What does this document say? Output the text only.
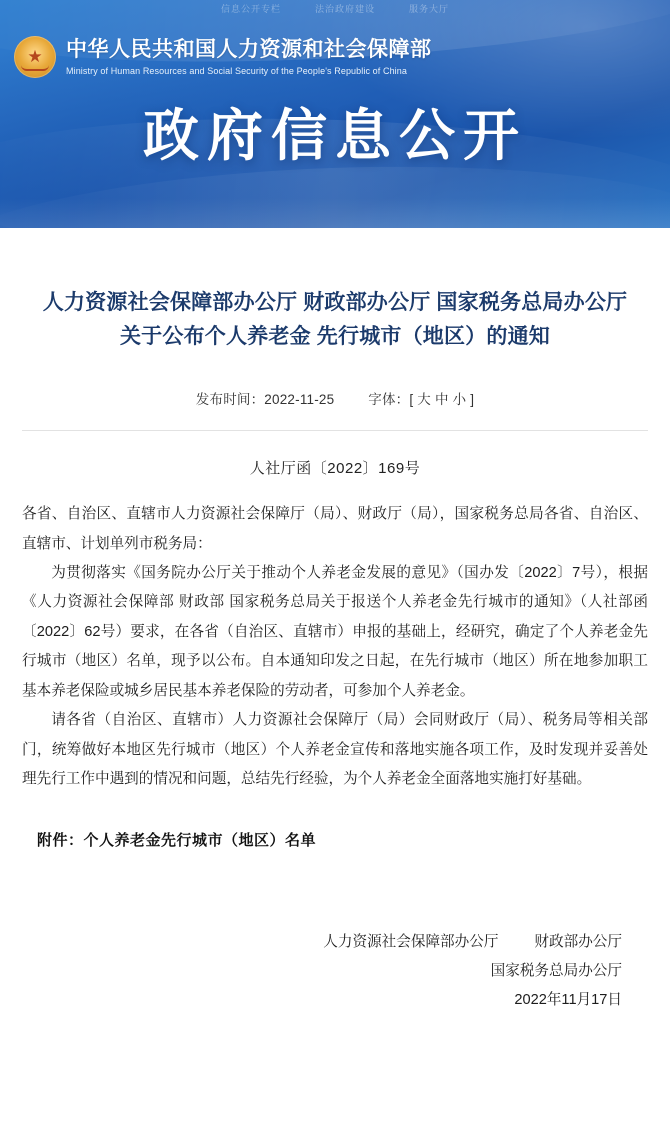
信息公开专栏	法治政府建设	服务大厅
★
中华人民共和国人力资源和社会保障部
Ministry of Human Resources and Social Security of the People's Republic of China
政府信息公开
人力资源社会保障部办公厅 财政部办公厅 国家税务总局办公厅关于公布个人养老金 先行城市（地区）的通知
发布时间：2022-11-25	字体：[ 大 中 小 ]
人社厅函〔2022〕169号

各省、自治区、直辖市人力资源社会保障厅（局）、财政厅（局），国家税务总局各省、自治区、直辖市、计划单列市税务局：

为贯彻落实《国务院办公厅关于推动个人养老金发展的意见》（国办发〔2022〕7号），根据《人力资源社会保障部 财政部 国家税务总局关于报送个人养老金先行城市的通知》（人社部函〔2022〕62号）要求，在各省（自治区、直辖市）申报的基础上，经研究，确定了个人养老金先行城市（地区）名单，现予以公布。自本通知印发之日起，在先行城市（地区）所在地参加职工基本养老保险或城乡居民基本养老保险的劳动者，可参加个人养老金。

请各省（自治区、直辖市）人力资源社会保障厅（局）会同财政厅（局）、税务局等相关部门，统筹做好本地区先行城市（地区）个人养老金宣传和落地实施各项工作，及时发现并妥善处理先行工作中遇到的情况和问题，总结先行经验，为个人养老金全面落地实施打好基础。

附件：个人养老金先行城市（地区）名单
人力资源社会保障部办公厅 财政部办公厅
国家税务总局办公厅
2022年11月17日
